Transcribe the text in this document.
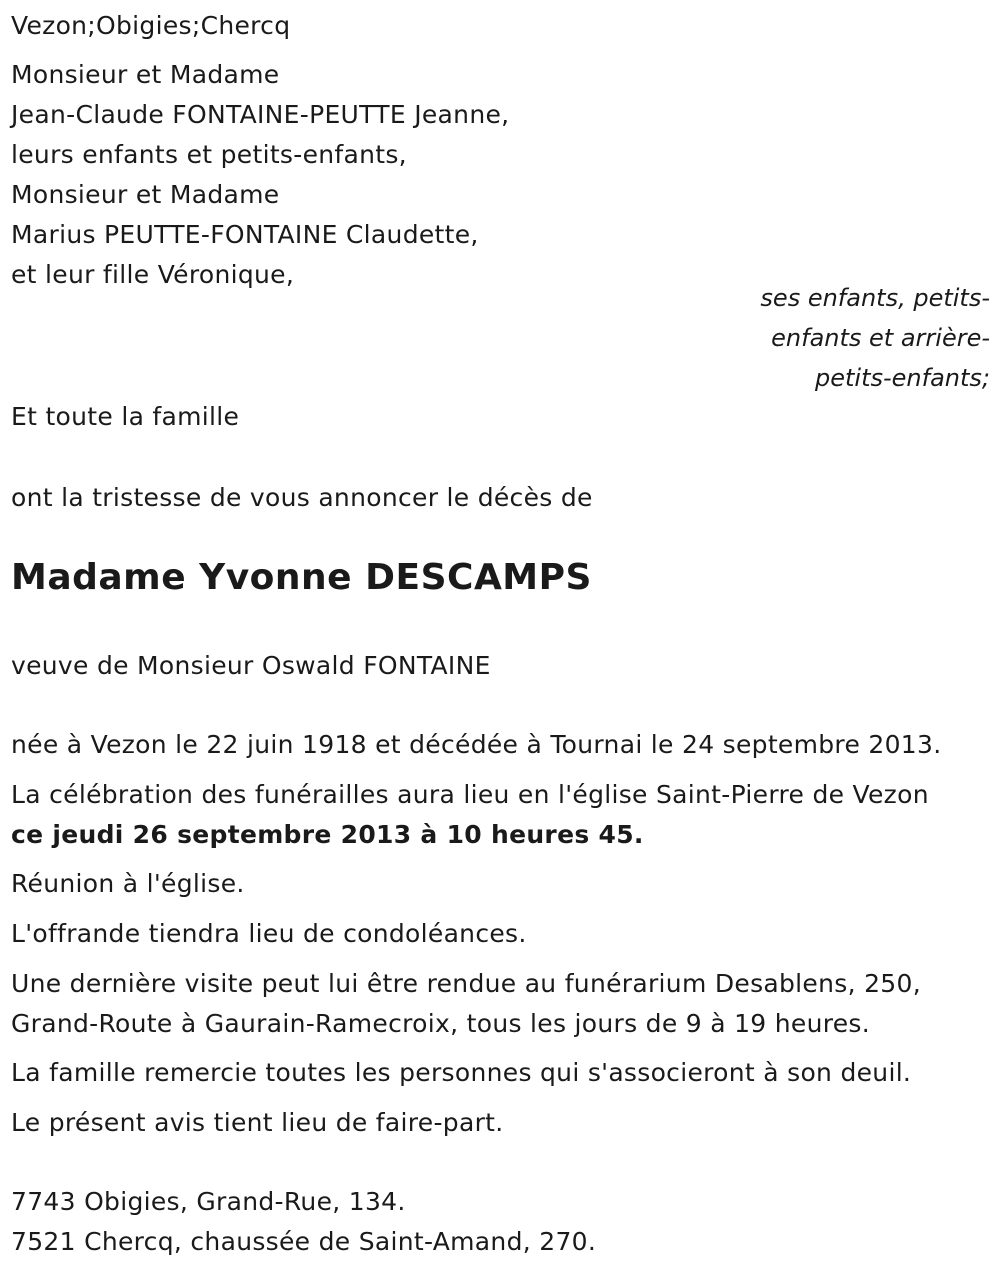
Vezon;Obigies;Chercq
Monsieur et Madame
Jean-Claude FONTAINE-PEUTTE Jeanne,
leurs enfants et petits-enfants,
Monsieur et Madame
Marius PEUTTE-FONTAINE Claudette,
et leur fille Véronique,
ses enfants, petits-
enfants et arrière-
petits-enfants;
Et toute la famille
ont la tristesse de vous annoncer le décès de
Madame Yvonne DESCAMPS
veuve de Monsieur Oswald FONTAINE
née à Vezon le 22 juin 1918 et décédée à Tournai le 24 septembre 2013.
La célébration des funérailles aura lieu en l'église Saint-Pierre de Vezon
ce jeudi 26 septembre 2013 à 10 heures 45.
Réunion à l'église.
L'offrande tiendra lieu de condoléances.
Une dernière visite peut lui être rendue au funérarium Desablens, 250,
Grand-Route à Gaurain-Ramecroix, tous les jours de 9 à 19 heures.
La famille remercie toutes les personnes qui s'associeront à son deuil.
Le présent avis tient lieu de faire-part.
7743 Obigies, Grand-Rue, 134.
7521 Chercq, chaussée de Saint-Amand, 270.
